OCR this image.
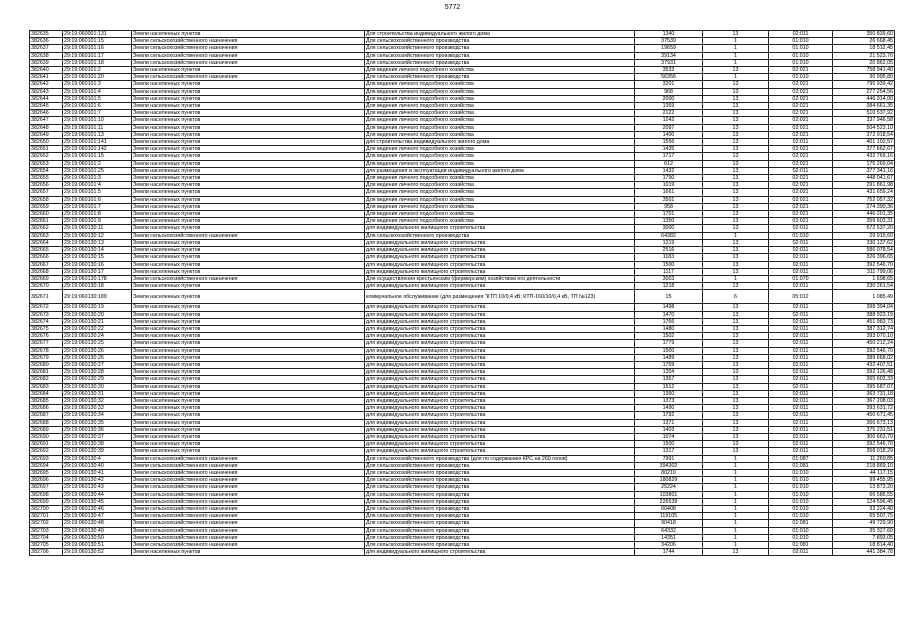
5772
382635	29:19:060001:131	Земли населенных пунктов	Для строительства индивидуального жилого дома	1340	13	02:011	350 839,60
382636	29:19:060101:15	Земли сельскохозяйственного назначения	Для сельскохозяйственного производства	37539	1	01:010	26 668,45
382637	29:19:060101:16	Земли сельскохозяйственного назначения	Для сельскохозяйственного производства	19659	1	01:010	18 512,45
382638	29:19:060101:17	Земли сельскохозяйственного назначения	Для сельскохозяйственного производства	39134	1	01:010	21 523,70
382639	29:19:060101:18	Земли сельскохозяйственного назначения	Для сельскохозяйственного производства	37931	1	01:010	20 862,05
382640	29:19:060101:2	Земли населенных пунктов	Для ведения личного подсобного хозяйства	3533	13	02:021	758 941,40
382641	29:19:060101:20	Земли сельскохозяйственного назначения	Для сельскохозяйственного производства	56356	1	01:010	30 995,80
382642	29:19:060101:3	Земли населенных пунктов	Для ведения личного подсобного хозяйства	3201	13	02:021	795 939,42
382643	29:19:060101:4	Земли населенных пунктов	Для ведения личного подсобного хозяйства	968	13	02:021	277 254,56
382644	29:19:060101:5	Земли населенных пунктов	Для ведения личного подсобного хозяйства	2000	13	02:021	446 914,00
382645	29:19:060101:6	Земли населенных пунктов	Для ведения личного подсобного хозяйства	1369	13	02:021	384 661,35
382646	29:19:060101:7	Земли населенных пунктов	Для ведения личного подсобного хозяйства	2122	13	02:021	510 537,92
382647	29:19:060101:10	Земли населенных пунктов	Для ведения личного подсобного хозяйства	1242	13	02:021	337 946,58
382648	29:19:060101:11	Земли населенных пунктов	Для ведения личного подсобного хозяйства	2097	13	02:021	504 523,10
382649	29:19:060101:13	Земли населенных пунктов	Для ведения личного подсобного хозяйства	1400	13	02:021	372 918,54
382650	29:19:060101:141	Земли населенных пунктов	для строительства индивидуального жилого дома	1556	13	02:011	401 102,57
382651	29:19:060101:142	Земли населенных пунктов	Для ведения личного подсобного хозяйства	1435	13	02:021	377 662,67
382652	29:19:060101:15	Земли населенных пунктов	Для ведения личного подсобного хозяйства	1717	13	02:021	432 769,16
382653	29:19:060101:2	Земли населенных пунктов	Для ведения личного подсобного хозяйства	612	13	02:021	175 269,04
382654	29:19:060101:25	Земли населенных пунктов	для размещения и эксплуатации индивидуального жилого дома	1432	13	02:011	377 341,16
382655	29:19:060101:3	Земли населенных пунктов	Для ведения личного подсобного хозяйства	1790	13	02:021	448 041,67
382656	29:19:060101:4	Земли населенных пунктов	Для ведения личного подсобного хозяйства	1019	13	02:021	291 861,98
382657	29:19:060101:5	Земли населенных пунктов	Для ведения личного подсобного хозяйства	1661	13	02:021	431 659,24
382658	29:19:060101:6	Земли населенных пунктов	Для ведения личного подсобного хозяйства	3501	13	02:021	752 057,32
382659	29:19:060101:7	Земли населенных пунктов	Для ведения личного подсобного хозяйства	958	13	02:021	274 390,36
382660	29:19:060101:8	Земли населенных пунктов	Для ведения личного подсобного хозяйства	1701	13	02:021	446 201,35
382661	29:19:060101:9	Земли населенных пунктов	Для ведения личного подсобного хозяйства	1350	13	02:021	359 603,31
382662	29:19:060130:11	Земли населенных пунктов	для индивидуального жилищного строительства	3000	13	02:011	672 537,20
382663	29:19:060130:12	Земли сельскохозяйственного назначения	Для сельскохозяйственного производства	64382	1	01:010	29 915,60
382664	29:19:060130:13	Земли населенных пунктов	для индивидуального жилищного строительства	1219	13	02:011	330 137,62
382665	29:19:060130:14	Земли населенных пунктов	для индивидуального жилищного строительства	2516	13	02:011	586 078,54
382666	29:19:060130:15	Земли населенных пунктов	для индивидуального жилищного строительства	1183	13	02:011	326 396,65
382667	29:19:060130:16	Земли населенных пунктов	для индивидуального жилищного строительства	1500	13	02:011	392 546,70
382668	29:19:060130:17	Земли населенных пунктов	для индивидуального жилищного строительства	1117	13	02:011	311 799,06
382669	29:19:060130:178	Земли сельскохозяйственного назначения	Для осуществления крестьянским (фермерским) хозяйством его деятельности	3003	1	01:070	1 698,65
382670	29:19:060130:18	Земли населенных пунктов	для индивидуального жилищного строительства	1218	13	02:011	330 261,54
382671	29:19:060130:189	Земли населенных пунктов	коммунальное обслуживание (для размещения "КТП 10/0,4 кВ; КТП-160/10/0,4 кВ, ТП №123)	15	6	05:012	1 085,49
382672	29:19:060130:19	Земли населенных пунктов	для индивидуального жилищного строительства	1498	13	02:011	398 394,04
382673	29:19:060130:20	Земли населенных пунктов	для индивидуального жилищного строительства	1470	13	02:011	388 923,19
382674	29:19:060130:21	Земли населенных пунктов	для индивидуального жилищного строительства	1766	13	02:011	451 983,73
382675	29:19:060130:22	Земли населенных пунктов	для индивидуального жилищного строительства	1480	13	02:011	387 312,74
382676	29:19:060130:24	Земли населенных пунктов	для индивидуального жилищного строительства	1502	13	02:011	393 070,10
382677	29:19:060130:25	Земли населенных пунктов	для индивидуального жилищного строительства	1779	13	02:011	450 212,24
382678	29:19:060130:26	Земли населенных пунктов	для индивидуального жилищного строительства	1500	13	02:011	392 546,70
382679	29:19:060130:26	Земли населенных пунктов	для индивидуального жилищного строительства	1489	13	02:011	389 668,02
382680	29:19:060130:27	Земли населенных пунктов	для индивидуального жилищного строительства	1769	13	02:011	432 407,51
382681	29:19:060130:28	Земли населенных пунктов	для индивидуального жилищного строительства	1354	13	02:011	392 126,48
382682	29:19:060130:29	Земли населенных пунктов	для индивидуального жилищного строительства	1367	13	02:011	365 603,33
382683	29:19:060130:30	Земли населенных пунктов	для индивидуального жилищного строительства	1512	13	02:011	395 687,07
382684	29:19:060130:31	Земли населенных пунктов	для индивидуального жилищного строительства	1360	13	02:011	363 731,18
382685	29:19:060130:32	Земли населенных пунктов	для индивидуального жилищного строительства	1373	13	02:011	367 208,03
382686	29:19:060130:33	Земли населенных пунктов	для индивидуального жилищного строительства	1490	13	02:011	393 631,72
382687	29:19:060130:34	Земли населенных пунктов	для индивидуального жилищного строительства	1792	13	02:011	450 671,45
382688	29:19:060130:35	Земли населенных пунктов	для индивидуального жилищного строительства	1371	13	02:011	366 673,13
382689	29:19:060130:36	Земли населенных пунктов	для индивидуального жилищного строительства	1403	13	02:011	375 231,51
382690	29:19:060130:37	Земли населенных пунктов	для индивидуального жилищного строительства	1074	13	02:011	300 663,70
382691	29:19:060130:38	Земли населенных пунктов	для индивидуального жилищного строительства	1500	13	02:011	392 546,70
382692	29:19:060130:39	Земли населенных пунктов	для индивидуального жилищного строительства	1317	13	02:011	358 018,29
382693	29:19:060130:4	Земли сельскохозяйственного назначения	Для сельскохозяйственного производства (для по содержанию КРС на 260 голов)	7991	1	01:087	11 269,85
382694	29:19:060130:40	Земли сельскохозяйственного назначения	Для сельскохозяйственного производства	394302	1	01:081	218 869,10
382695	29:19:060130:41	Земли сельскохозяйственного назначения	Для сельскохозяйственного производства	80210	1	01:010	44 117,15
382696	29:19:060130:42	Земли сельскохозяйственного назначения	Для сельскохозяйственного производства	180829	1	01:010	99 455,95
382697	29:19:060130:43	Земли сельскохозяйственного назначения	Для сельскохозяйственного производства	25224	1	01:010	13 873,20
382698	29:19:060130:44	Земли сельскохозяйственного назначения	Для сельскохозяйственного производства	103801	1	01:010	66 586,55
382699	29:19:060130:45	Земли сельскохозяйственного назначения	Для сельскохозяйственного производства	226539	1	01:010	124 596,45
382700	29:19:060130:46	Земли сельскохозяйственного назначения	Для сельскохозяйственного производства	60408	1	01:010	33 224,40
382701	29:19:060130:47	Земли сельскохозяйственного назначения	Для сельскохозяйственного производства	119105	1	01:010	65 507,75
382702	29:19:060130:48	Земли сельскохозяйственного назначения	Для сельскохозяйственного производства	90418	1	01:081	49 729,90
382703	29:19:060130:49	Земли сельскохозяйственного назначения	Для сельскохозяйственного производства	64332	1	01:010	35 327,60
382704	29:19:060130:50	Земли сельскохозяйственного назначения	Для сельскохозяйственного производства	14351	1	01:010	7 893,05
382705	29:19:060130:51	Земли сельскохозяйственного назначения	Для сельскохозяйственного производства	34206	1	01:081	18 814,40
382706	29:19:060130:52	Земли населенных пунктов	для индивидуального жилищного строительства	1744	13	02:011	441 384,78
